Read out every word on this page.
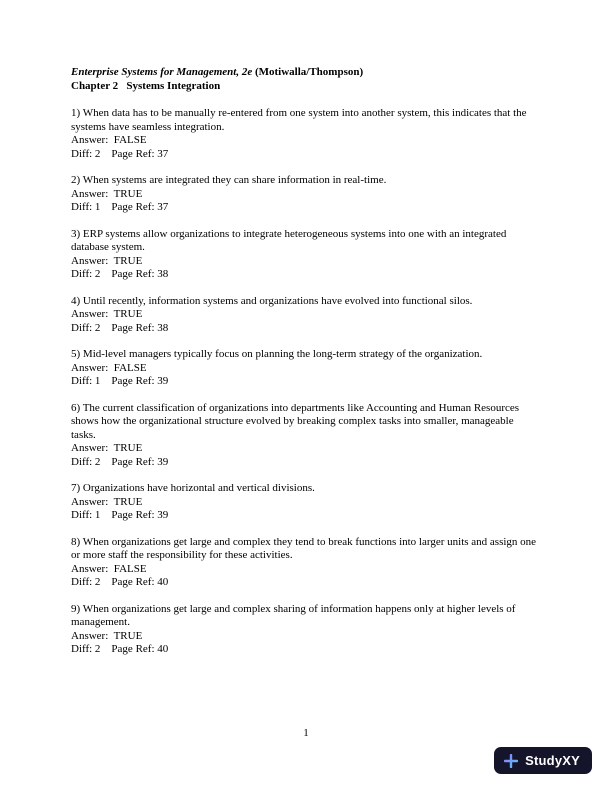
Enterprise Systems for Management, 2e (Motiwalla/Thompson)
Chapter 2   Systems Integration
1) When data has to be manually re-entered from one system into another system, this indicates that the systems have seamless integration.
Answer:  FALSE
Diff: 2    Page Ref: 37
2) When systems are integrated they can share information in real-time.
Answer:  TRUE
Diff: 1    Page Ref: 37
3) ERP systems allow organizations to integrate heterogeneous systems into one with an integrated database system.
Answer:  TRUE
Diff: 2    Page Ref: 38
4) Until recently, information systems and organizations have evolved into functional silos.
Answer:  TRUE
Diff: 2    Page Ref: 38
5) Mid-level managers typically focus on planning the long-term strategy of the organization.
Answer:  FALSE
Diff: 1    Page Ref: 39
6) The current classification of organizations into departments like Accounting and Human Resources shows how the organizational structure evolved by breaking complex tasks into smaller, manageable tasks.
Answer:  TRUE
Diff: 2    Page Ref: 39
7) Organizations have horizontal and vertical divisions.
Answer:  TRUE
Diff: 1    Page Ref: 39
8) When organizations get large and complex they tend to break functions into larger units and assign one or more staff the responsibility for these activities.
Answer:  FALSE
Diff: 2    Page Ref: 40
9) When organizations get large and complex sharing of information happens only at higher levels of management.
Answer:  TRUE
Diff: 2    Page Ref: 40
1
StudyXY
